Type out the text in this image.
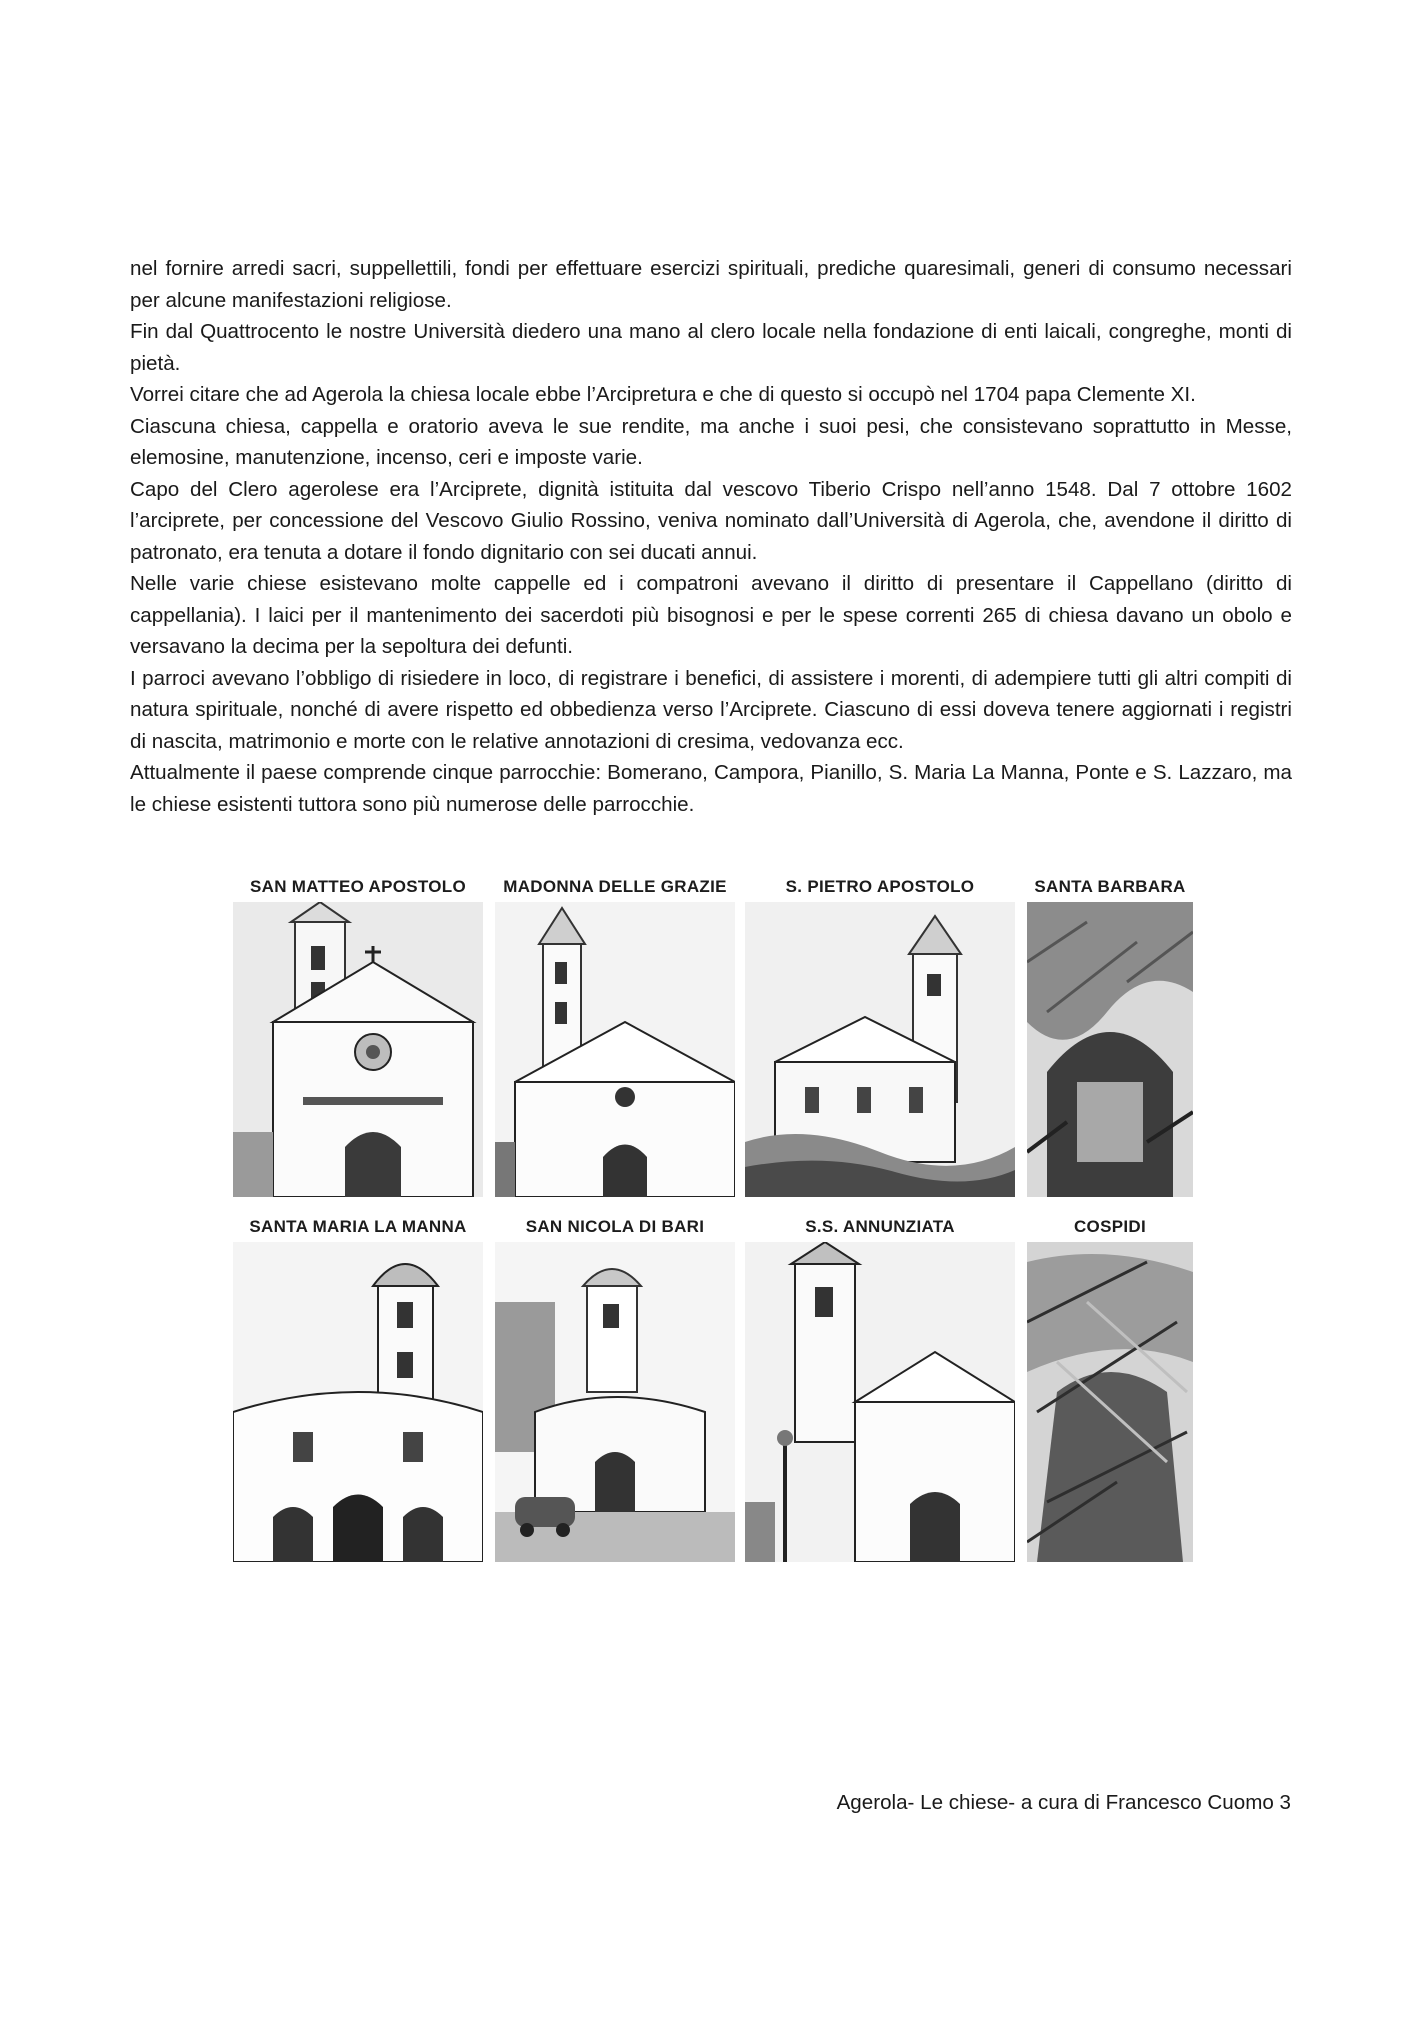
nel fornire arredi sacri, suppellettili, fondi per effettuare esercizi spirituali, prediche quaresimali, generi di consumo necessari per alcune manifestazioni religiose.

Fin dal Quattrocento le nostre Università diedero una mano al clero locale nella fondazione di enti laicali, congreghe, monti di pietà.

Vorrei citare che ad Agerola la chiesa locale ebbe l’Arcipretura e che di questo si occupò nel 1704 papa Clemente XI.

Ciascuna chiesa, cappella e oratorio aveva le sue rendite, ma anche i suoi pesi, che consistevano soprattutto in Messe, elemosine, manutenzione, incenso, ceri e imposte varie.

Capo del Clero agerolese era l’Arciprete, dignità istituita dal vescovo Tiberio Crispo nell’anno 1548. Dal 7 ottobre 1602 l’arciprete, per concessione del Vescovo Giulio Rossino, veniva nominato dall’Università di Agerola, che, avendone il diritto di patronato, era tenuta a dotare il fondo dignitario con sei ducati annui.

Nelle varie chiese esistevano molte cappelle ed i compatroni avevano il diritto di presentare il Cappellano (diritto di cappellania). I laici per il mantenimento dei sacerdoti più bisognosi e per le spese correnti 265 di chiesa davano un obolo e versavano la decima per la sepoltura dei defunti.

I parroci avevano l’obbligo di risiedere in loco, di registrare i benefici, di assistere i morenti, di adempiere tutti gli altri compiti di natura spirituale, nonché di avere rispetto ed obbedienza verso l’Arciprete. Ciascuno di essi doveva tenere aggiornati i registri di nascita, matrimonio e morte con le relative annotazioni di cresima, vedovanza ecc.

Attualmente il paese comprende cinque parrocchie: Bomerano, Campora, Pianillo, S. Maria La Manna, Ponte e S. Lazzaro, ma le chiese esistenti tuttora sono più numerose delle parrocchie.

SAN MATTEO APOSTOLO	MADONNA DELLE GRAZIE	S. PIETRO APOSTOLO	SANTA BARBARA
SANTA MARIA LA MANNA	SAN NICOLA DI BARI	S.S. ANNUNZIATA	COSPIDI
Agerola- Le chiese- a cura di Francesco Cuomo 3
